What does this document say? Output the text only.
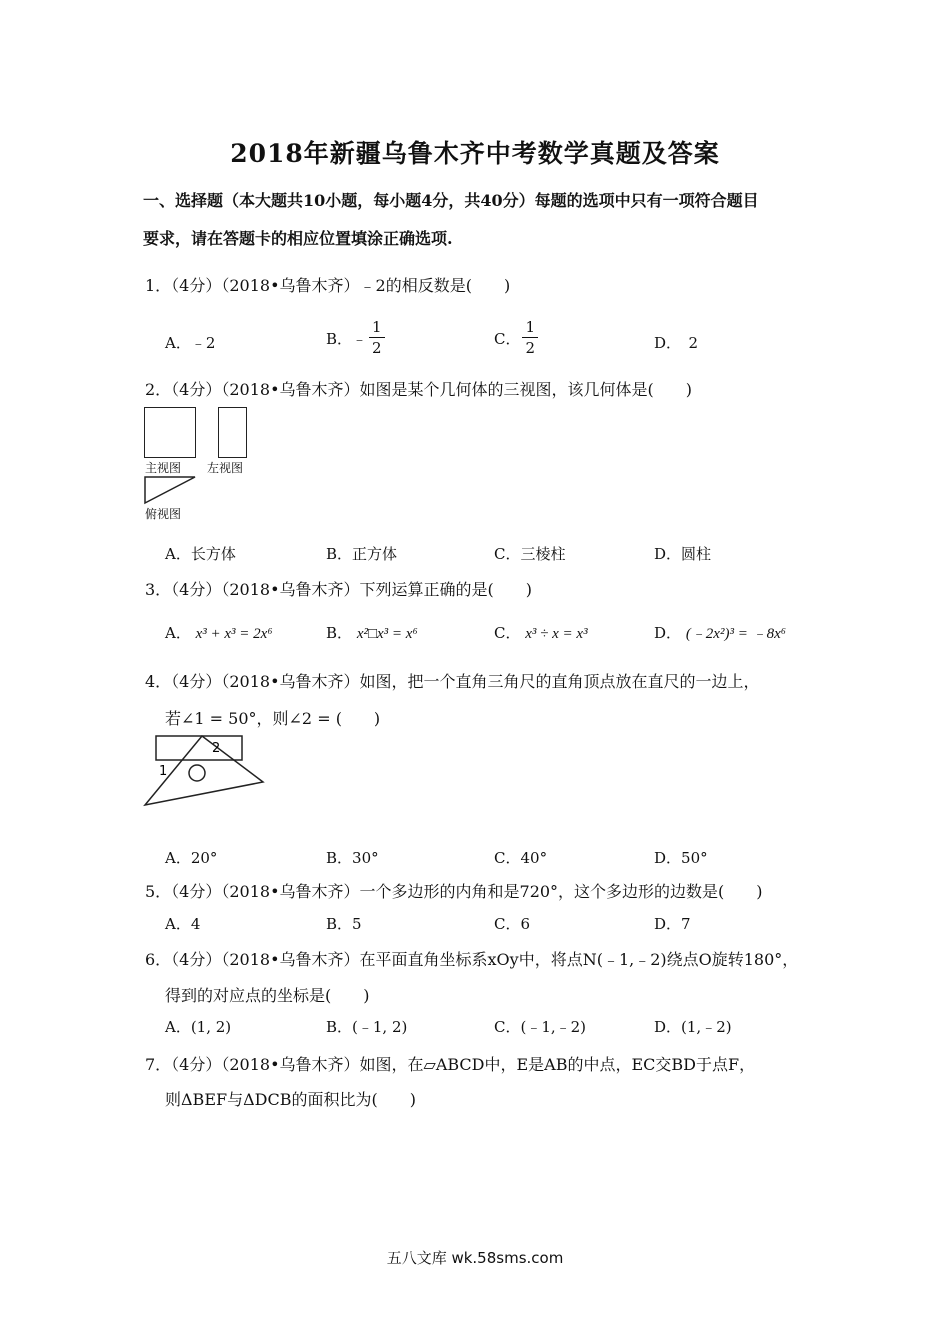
2018年新疆乌鲁木齐中考数学真题及答案
一、选择题（本大题共10小题，每小题4分，共40分）每题的选项中只有一项符合题目
要求，请在答题卡的相应位置填涂正确选项.
1．（4分）（2018•乌鲁木齐）﹣2的相反数是(　　)
A．﹣2	B．﹣ $\frac{1}{2}$	C． $\frac{1}{2}$	D．　2
2．（4分）（2018•乌鲁木齐）如图是某个几何体的三视图，该几何体是(　　)
主视图 左视图
俯视图
A．长方体	B．正方体	C．三棱柱	D．圆柱
3．（4分）（2018•乌鲁木齐）下列运算正确的是(　　)
A． x³ + x³ = 2x⁶	B． x²□x³ = x⁶	C． x³ ÷ x = x³	D． (﹣2x²)³ = ﹣8x⁶
4．（4分）（2018•乌鲁木齐）如图，把一个直角三角尺的直角顶点放在直尺的一边上，
若∠1 = 50°，则∠2 = (　　)
1
2
A．20°	B．30°	C．40°	D．50°
5．（4分）（2018•乌鲁木齐）一个多边形的内角和是720°，这个多边形的边数是(　　)
A．4	B．5	C．6	D．7
6．（4分）（2018•乌鲁木齐）在平面直角坐标系xOy中，将点N(﹣1,﹣2)绕点O旋转180°，
得到的对应点的坐标是(　　)
A．(1, 2)	B．(﹣1, 2)	C．(﹣1,﹣2)	D．(1,﹣2)
7．（4分）（2018•乌鲁木齐）如图，在▱ABCD中，E是AB的中点，EC交BD于点F，
则ΔBEF与ΔDCB的面积比为(　　)
五八文库 wk.58sms.com
